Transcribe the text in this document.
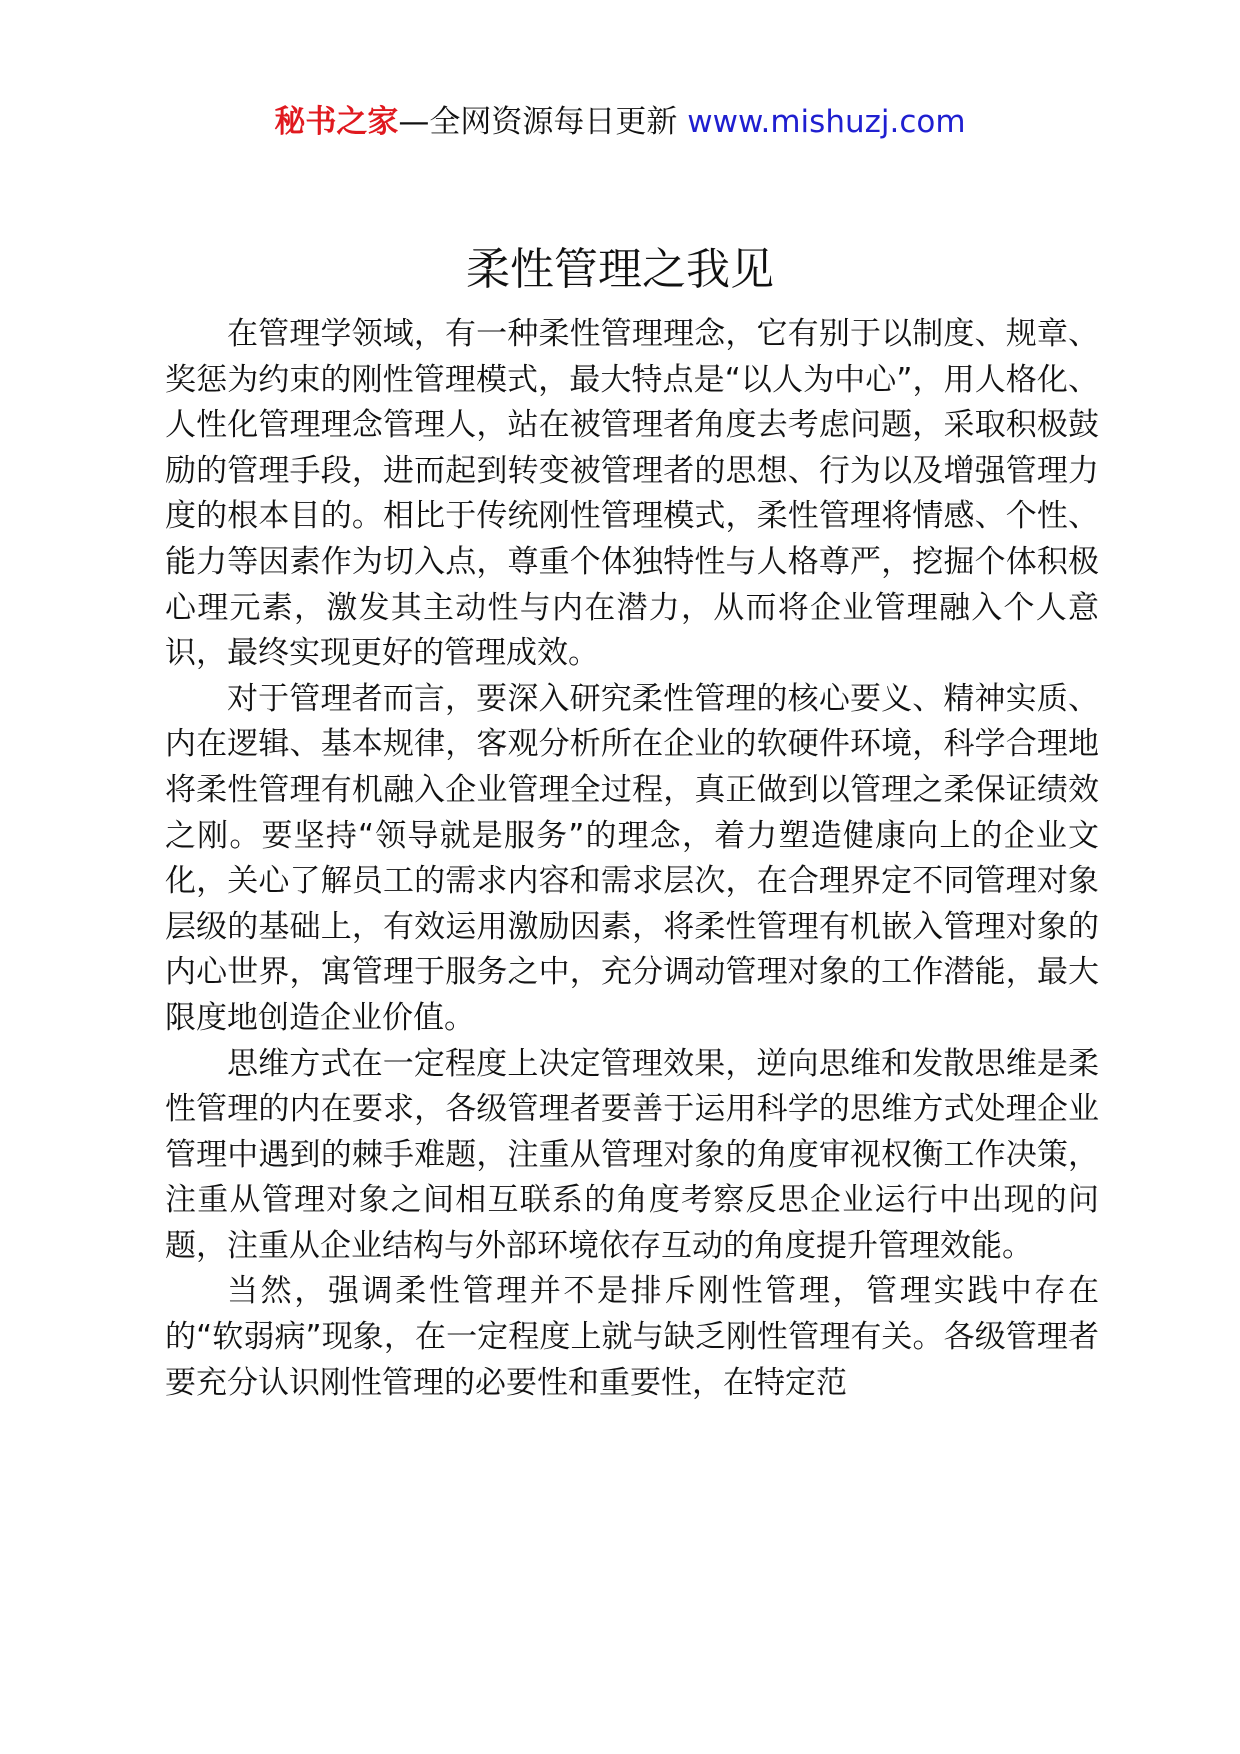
秘书之家—全网资源每日更新 www.mishuzj.com
柔性管理之我见

在管理学领域，有一种柔性管理理念，它有别于以制度、规章、奖惩为约束的刚性管理模式，最大特点是“以人为中心”，用人格化、人性化管理理念管理人，站在被管理者角度去考虑问题，采取积极鼓励的管理手段，进而起到转变被管理者的思想、行为以及增强管理力度的根本目的。相比于传统刚性管理模式，柔性管理将情感、个性、能力等因素作为切入点，尊重个体独特性与人格尊严，挖掘个体积极心理元素，激发其主动性与内在潜力，从而将企业管理融入个人意识，最终实现更好的管理成效。

对于管理者而言，要深入研究柔性管理的核心要义、精神实质、内在逻辑、基本规律，客观分析所在企业的软硬件环境，科学合理地将柔性管理有机融入企业管理全过程，真正做到以管理之柔保证绩效之刚。要坚持“领导就是服务”的理念，着力塑造健康向上的企业文化，关心了解员工的需求内容和需求层次，在合理界定不同管理对象层级的基础上，有效运用激励因素，将柔性管理有机嵌入管理对象的内心世界，寓管理于服务之中，充分调动管理对象的工作潜能，最大限度地创造企业价值。

思维方式在一定程度上决定管理效果，逆向思维和发散思维是柔性管理的内在要求，各级管理者要善于运用科学的思维方式处理企业管理中遇到的棘手难题，注重从管理对象的角度审视权衡工作决策，注重从管理对象之间相互联系的角度考察反思企业运行中出现的问题，注重从企业结构与外部环境依存互动的角度提升管理效能。

当然，强调柔性管理并不是排斥刚性管理，管理实践中存在的“软弱病”现象，在一定程度上就与缺乏刚性管理有关。各级管理者要充分认识刚性管理的必要性和重要性，在特定范
